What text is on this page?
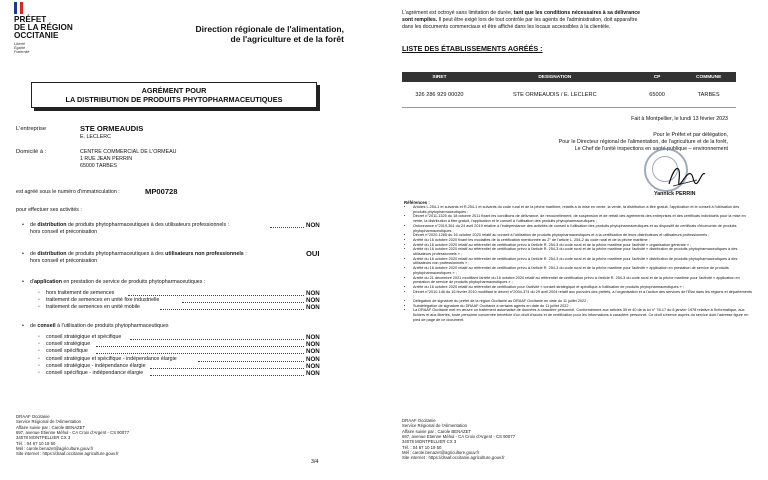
PRÉFET
DE LA RÉGION
OCCITANIE
Liberté
Égalité
Fraternité
Direction régionale de l'alimentation,
de l'agriculture et de la forêt
AGRÉMENT POUR
LA DISTRIBUTION DE PRODUITS PHYTOPHARMACEUTIQUES
L'entreprise	STE ORMEAUDIS
E. LECLERC
Domicilé à :	CENTRE COMMERCIAL DE L'ORMEAU
1 RUE JEAN PERRIN
65000 TARBES
est agréé sous le numéro d'immatriculation :	MP00728
pour effectuer ses activités :
• de distribution de produits phytopharmaceutiques à des utilisateurs professionnels :	NON
hors conseil et préconisation
• de distribution de produits phytopharmaceutiques à des utilisateurs non professionnels :	OUI
hors conseil et préconisation
• d'application en prestation de service de produits phytopharmaceutiques :
◦ hors traitement de semences	NON
◦ traitement de semences en unité fixe industrielle	NON
◦ traitement de semences en unité mobile	NON
• de conseil à l'utilisation de produits phytopharmaceutiques
◦ conseil stratégique et spécifique	NON
◦ conseil stratégique	NON
◦ conseil spécifique	NON
◦ conseil stratégique et spécifique - indépendance élargie	NON
◦ conseil stratégique - indépendance élargie	NON
◦ conseil spécifique - indépendance élargie	NON
DRAAF Occitanie
Service Régional de l'Alimentation
Affaire suivie par : Carole BENAZET
697, avenue Etienne Méhul - CA Croix d'Argent - CS 90077
34078 MONTPELLIER CX 3
Tél. : 04 67 10 19 50
Mél : carole.benazet@agriculture.gouv.fr
Site internet : https://draaf.occitanie.agriculture.gouv.fr
3/4
L'agrément est octroyé sans limitation de durée, tant que les conditions nécessaires à sa délivrance
sont remplies. Il peut être exigé lors de tout contrôle par les agents de l'administration, doit apparaître
dans les documents commerciaux et être affiché dans les locaux accessibles à la clientèle.
LISTE DES ÉTABLISSEMENTS AGRÉÉS :
SIRET	DESIGNATION	CP	COMMUNE
326 286 929 00020	STE ORMEAUDIS / E. LECLERC	65000	TARBES
Fait à Montpellier, le lundi 13 février 2023
Pour le Préfet et par délégation,
Pour le Directeur régional de l'alimentation, de l'agriculture et de la forêt,
Le Chef de l'unité inspections en santé publique – environnement
Yannick PERRIN
Références :
• Articles L.254-1 et suivants et R.254-1 et suivants du code rural et de la pêche maritime, relatifs à la mise en vente, la vente, la distribution à titre gratuit, l'application et le conseil à l'utilisation des produits phytopharmaceutiques ;
• Décret n°2011-1325 du 18 octobre 2011 fixant les conditions de délivrance, de renouvellement, de suspension et de retrait des agréments des entreprises et des certificats individuels pour la mise en vente, la distribution à titre gratuit, l'application et le conseil à l'utilisation des produits phytopharmaceutiques ;
• Ordonnance n°2019-361 du 24 avril 2019 relative à l'indépendance des activités de conseil à l'utilisation des produits phytopharmaceutiques et au dispositif de certificats d'économie de produits phytopharmaceutiques ;
• Décret n°2020-1265 du 16 octobre 2020 relatif au conseil à l'utilisation de produits phytopharmaceutiques et à la certification de leurs distributeurs et utilisateurs professionnels ;
• Arrêté du 16 octobre 2020 fixant les modalités de la certification mentionnée au 2° de l'article L. 254-2 du code rural et de la pêche maritime ;
• Arrêté du 16 octobre 2020 relatif au référentiel de certification prévu à l'article R. 254-3 du code rural et de la pêche maritime pour l'activité « organisation générale » ;
• Arrêté du 16 octobre 2020 relatif au référentiel de certification prévu à l'article R. 254-3 du code rural et de la pêche maritime pour l'activité « distribution de produits phytopharmaceutiques à des utilisateurs professionnels » ;
• Arrêté du 16 octobre 2020 relatif au référentiel de certification prévu à l'article R. 254-3 du code rural et de la pêche maritime pour l'activité « distribution de produits phytopharmaceutiques à des utilisateurs non professionnels » ;
• Arrêté du 16 octobre 2020 relatif au référentiel de certification prévu à l'article R. 254-3 du code rural et de la pêche maritime pour l'activité « application en prestation de service de produits phytopharmaceutiques » ;
• Arrêté du 21 décembre 2021 modifiant l'arrêté du 16 octobre 2020 relatif au référentiel de certification prévu à l'article R. 254-3 du code rural et de la pêche maritime pour l'activité « application en prestation de service de produits phytopharmaceutiques » ;
• Arrêté du 16 octobre 2020 relatif au référentiel de certification pour l'activité « conseil stratégique et spécifique à l'utilisation de produits phytopharmaceutiques » ;
• Décret n°2010-146 du 16 février 2010 modifiant le décret n°2004-374 du 29 avril 2004 relatif aux pouvoirs des préfets, à l'organisation et à l'action des services de l'État dans les régions et départements ;
• Délégation de signature du préfet de la région Occitanie au DRAAF Occitanie en date du 11 juillet 2022 ;
• Subdélégation de signature du DRAAF Occitanie à certains agents en date du 11 juillet 2022 ;
• La DRAAF Occitanie met en œuvre un traitement automatisé de données à caractère personnel. Conformément aux articles 39 et 40 de la loi n° 78-17 du 6 janvier 1978 relative à l'informatique, aux fichiers et aux libertés, toute personne concernée bénéficie d'un droit d'accès et de rectification pour les informations à caractère personnel. Ce droit s'exerce auprès du service dont l'adresse figure en pied de page de ce document.
DRAAF Occitanie
Service Régional de l'Alimentation
Affaire suivie par : Carole BENAZET
697, avenue Etienne Méhul - CA Croix d'Argent - CS 90077
34078 MONTPELLIER CX 3
Tél. : 04 67 10 19 50
Mél : carole.benazet@agriculture.gouv.fr
Site internet : https://draaf.occitanie.agriculture.gouv.fr
